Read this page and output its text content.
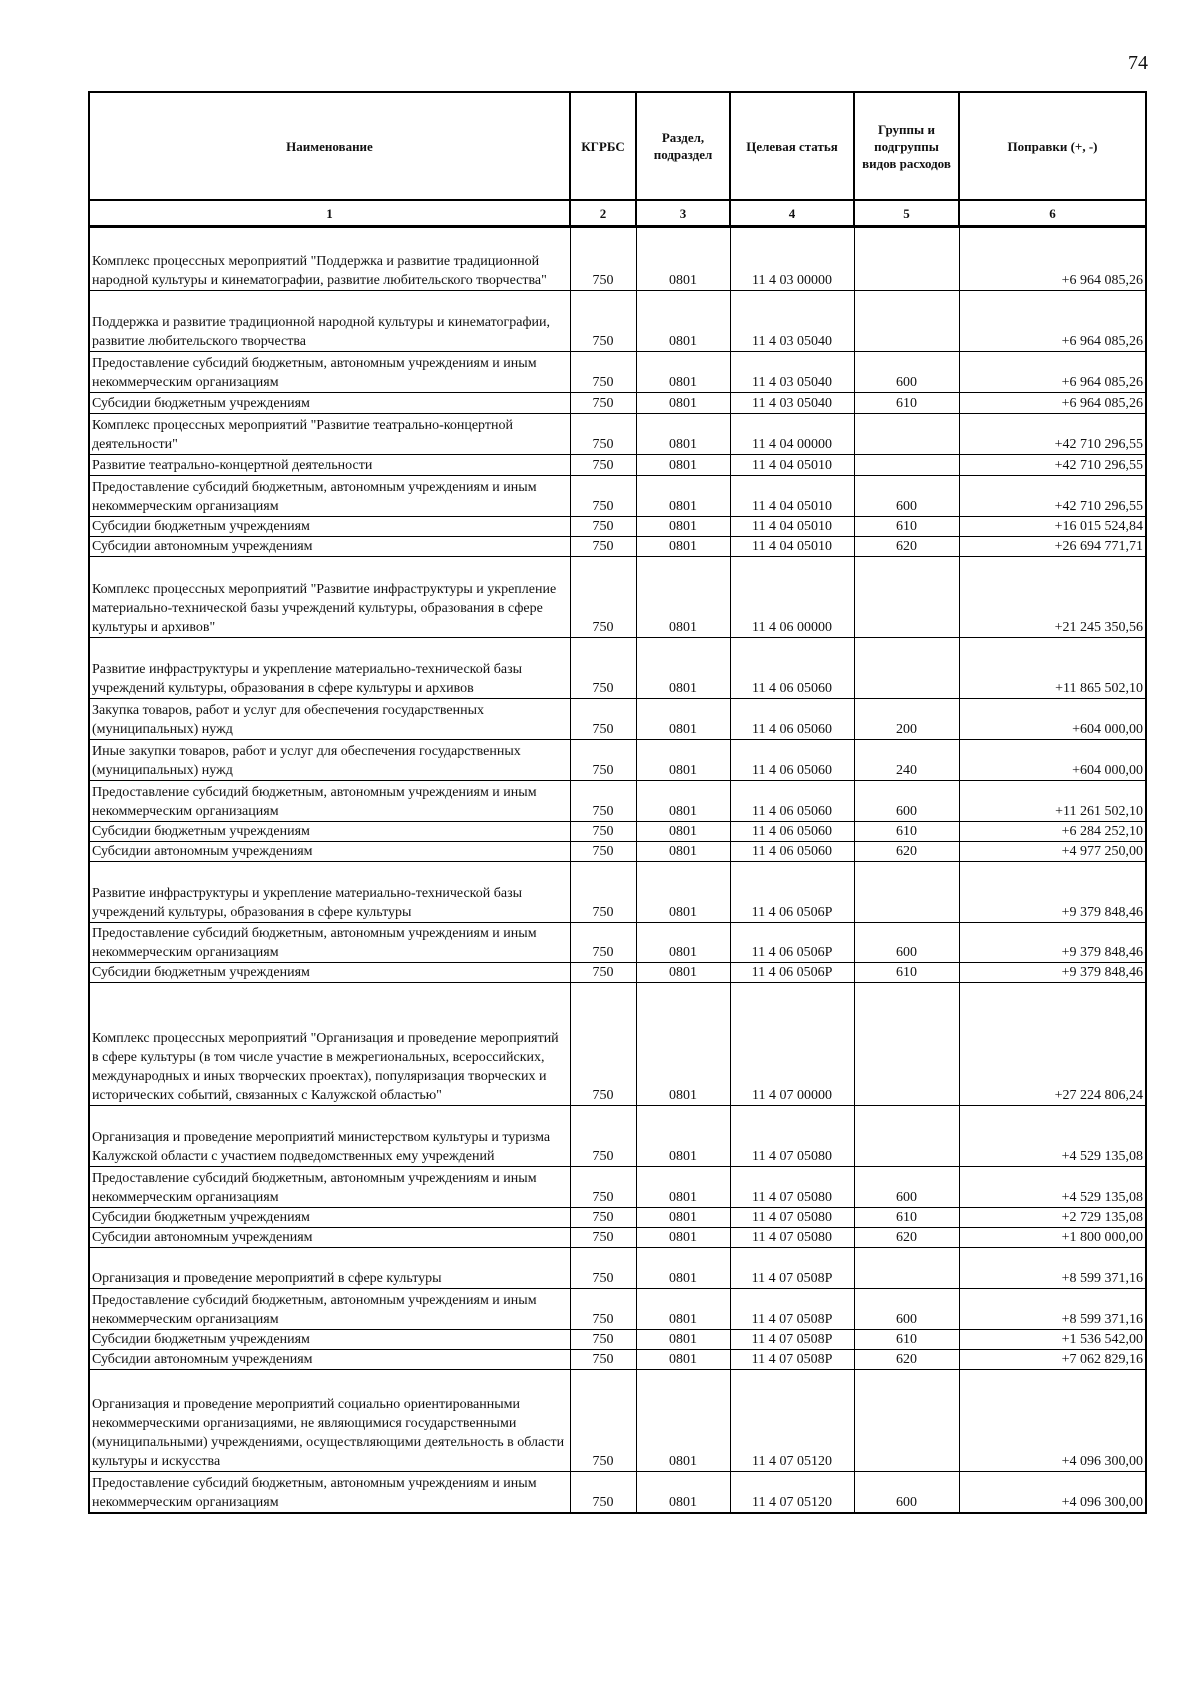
74
Наименование	КГРБС	Раздел, подраздел	Целевая статья	Группы и подгруппы видов расходов	Поправки (+, -)
1	2	3	4	5	6
Комплекс процессных мероприятий "Поддержка и развитие традиционной народной культуры и кинематографии, развитие любительского творчества"	750	0801	11 4 03 00000		+6 964 085,26
Поддержка и развитие традиционной народной культуры и кинематографии, развитие любительского творчества	750	0801	11 4 03 05040		+6 964 085,26
Предоставление субсидий бюджетным, автономным учреждениям и иным некоммерческим организациям	750	0801	11 4 03 05040	600	+6 964 085,26
Субсидии бюджетным учреждениям	750	0801	11 4 03 05040	610	+6 964 085,26
Комплекс процессных мероприятий "Развитие театрально-концертной деятельности"	750	0801	11 4 04 00000		+42 710 296,55
Развитие театрально-концертной деятельности	750	0801	11 4 04 05010		+42 710 296,55
Предоставление субсидий бюджетным, автономным учреждениям и иным некоммерческим организациям	750	0801	11 4 04 05010	600	+42 710 296,55
Субсидии бюджетным учреждениям	750	0801	11 4 04 05010	610	+16 015 524,84
Субсидии автономным учреждениям	750	0801	11 4 04 05010	620	+26 694 771,71
Комплекс процессных мероприятий "Развитие инфраструктуры и укрепление материально-технической базы учреждений культуры, образования в сфере культуры и архивов"	750	0801	11 4 06 00000		+21 245 350,56
Развитие инфраструктуры и укрепление материально-технической базы учреждений культуры, образования в сфере культуры и архивов	750	0801	11 4 06 05060		+11 865 502,10
Закупка товаров, работ и услуг для обеспечения государственных (муниципальных) нужд	750	0801	11 4 06 05060	200	+604 000,00
Иные закупки товаров, работ и услуг для обеспечения государственных (муниципальных) нужд	750	0801	11 4 06 05060	240	+604 000,00
Предоставление субсидий бюджетным, автономным учреждениям и иным некоммерческим организациям	750	0801	11 4 06 05060	600	+11 261 502,10
Субсидии бюджетным учреждениям	750	0801	11 4 06 05060	610	+6 284 252,10
Субсидии автономным учреждениям	750	0801	11 4 06 05060	620	+4 977 250,00
Развитие инфраструктуры и укрепление материально-технической базы учреждений культуры, образования в сфере культуры	750	0801	11 4 06 0506Р		+9 379 848,46
Предоставление субсидий бюджетным, автономным учреждениям и иным некоммерческим организациям	750	0801	11 4 06 0506Р	600	+9 379 848,46
Субсидии бюджетным учреждениям	750	0801	11 4 06 0506Р	610	+9 379 848,46
Комплекс процессных мероприятий "Организация и проведение мероприятий в сфере культуры (в том числе участие в межрегиональных, всероссийских, международных и иных творческих проектах), популяризация творческих и исторических событий, связанных с Калужской областью"	750	0801	11 4 07 00000		+27 224 806,24
Организация и проведение мероприятий министерством культуры и туризма Калужской области с участием подведомственных ему учреждений	750	0801	11 4 07 05080		+4 529 135,08
Предоставление субсидий бюджетным, автономным учреждениям и иным некоммерческим организациям	750	0801	11 4 07 05080	600	+4 529 135,08
Субсидии бюджетным учреждениям	750	0801	11 4 07 05080	610	+2 729 135,08
Субсидии автономным учреждениям	750	0801	11 4 07 05080	620	+1 800 000,00
Организация и проведение мероприятий в сфере культуры	750	0801	11 4 07 0508Р		+8 599 371,16
Предоставление субсидий бюджетным, автономным учреждениям и иным некоммерческим организациям	750	0801	11 4 07 0508Р	600	+8 599 371,16
Субсидии бюджетным учреждениям	750	0801	11 4 07 0508Р	610	+1 536 542,00
Субсидии автономным учреждениям	750	0801	11 4 07 0508Р	620	+7 062 829,16
Организация и проведение мероприятий социально ориентированными некоммерческими организациями, не являющимися государственными (муниципальными) учреждениями, осуществляющими деятельность в области культуры и искусства	750	0801	11 4 07 05120		+4 096 300,00
Предоставление субсидий бюджетным, автономным учреждениям и иным некоммерческим организациям	750	0801	11 4 07 05120	600	+4 096 300,00
